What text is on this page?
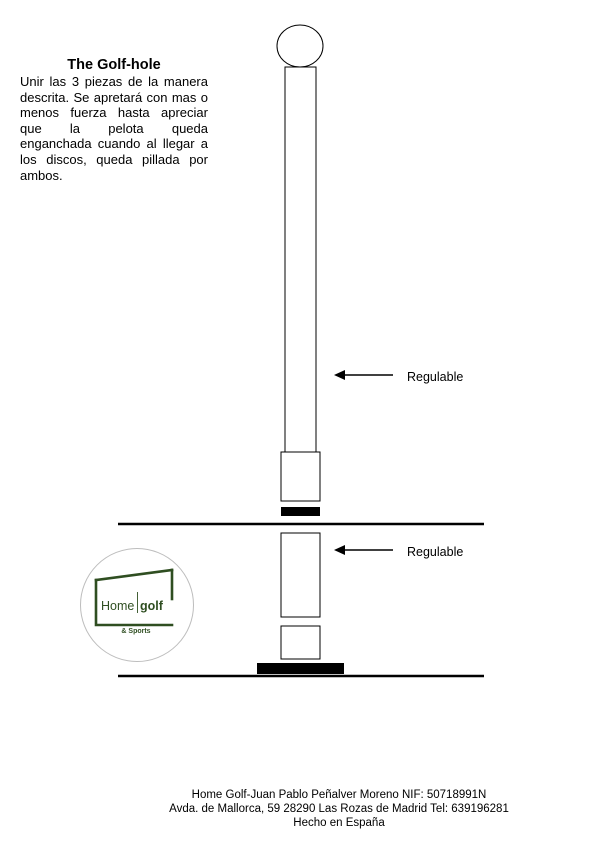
The Golf-hole
Unir las 3 piezas de la manera descrita. Se apretará con mas o menos fuerza hasta apreciar que la pelota queda enganchada cuando al llegar a los discos, queda pillada por ambos.
Regulable
Regulable
Home golf
& Sports
Home Golf-Juan Pablo Peñalver Moreno NIF: 50718991N
Avda. de Mallorca, 59 28290 Las Rozas de Madrid Tel: 639196281
Hecho en España
